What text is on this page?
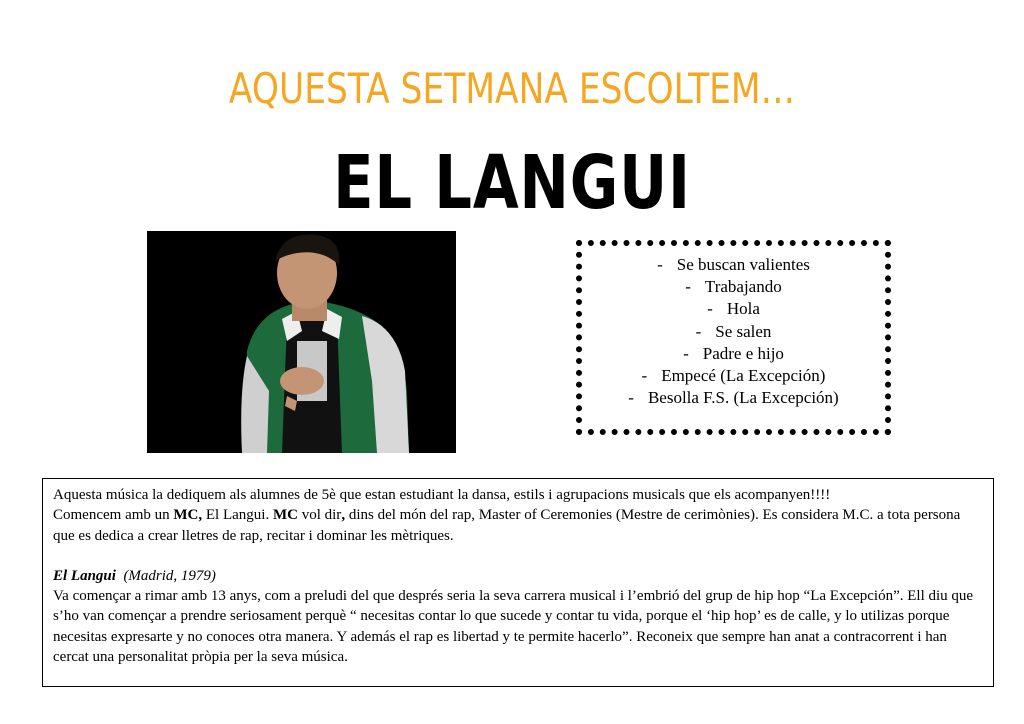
AQUESTA SETMANA ESCOLTEM…
EL LANGUI
- Se buscan valientes
- Trabajando
- Hola
- Se salen
- Padre e hijo
- Empecé (La Excepción)
- Besolla F.S. (La Excepción)

Aquesta música la dediquem als alumnes de 5è que estan estudiant la dansa, estils i agrupacions musicals que els acompanyen!!!!

Comencem amb un MC, El Langui. MC vol dir, dins del món del rap, Master of Ceremonies (Mestre de cerimònies). Es considera M.C. a tota persona que es dedica a crear lletres de rap, recitar i dominar les mètriques.

El Langui (Madrid, 1979)

Va començar a rimar amb 13 anys, com a preludi del que després seria la seva carrera musical i l’embrió del grup de hip hop “La Excepción”. Ell diu que s’ho van començar a prendre seriosament perquè “ necesitas contar lo que sucede y contar tu vida, porque el ‘hip hop’ es de calle, y lo utilizas porque necesitas expresarte y no conoces otra manera. Y además el rap es libertad y te permite hacerlo”. Reconeix que sempre han anat a contracorrent i han cercat una personalitat pròpia per la seva música.
